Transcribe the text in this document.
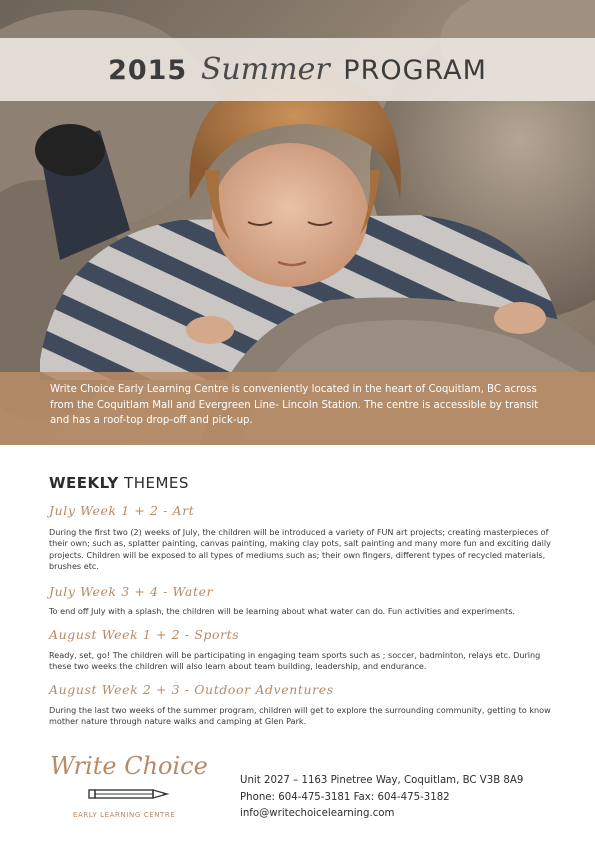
2015 Summer PROGRAM

Write Choice Early Learning Centre is conveniently located in the heart of Coquitlam, BC across from the Coquitlam Mall and Evergreen Line- Lincoln Station. The centre is accessible by transit and has a roof-top drop-off and pick-up.

WEEKLY THEMES
July Week 1 + 2 - Art

During the first two (2) weeks of July, the children will be introduced a variety of FUN art projects; creating masterpieces of their own; such as, splatter painting, canvas painting, making clay pots, salt painting and many more fun and exciting daily projects. Children will be exposed to all types of mediums such as; their own fingers, different types of recycled materials, brushes etc.

July Week 3 + 4 - Water

To end off July with a splash, the children will be learning about what water can do. Fun activities and experiments.

August Week 1 + 2 - Sports

Ready, set, go! The children will be participating in engaging team sports such as ; soccer, badminton, relays etc. During these two weeks the children will also learn about team building, leadership, and endurance.

August Week 2 + 3 - Outdoor Adventures

During the last two weeks of the summer program, children will get to explore the surrounding community, getting to know mother nature through nature walks and camping at Glen Park.

Write Choice
EARLY LEARNING CENTRE
Unit 2027 – 1163 Pinetree Way, Coquitlam, BC V3B 8A9
Phone: 604-475-3181 Fax: 604-475-3182
info@writechoicelearning.com
